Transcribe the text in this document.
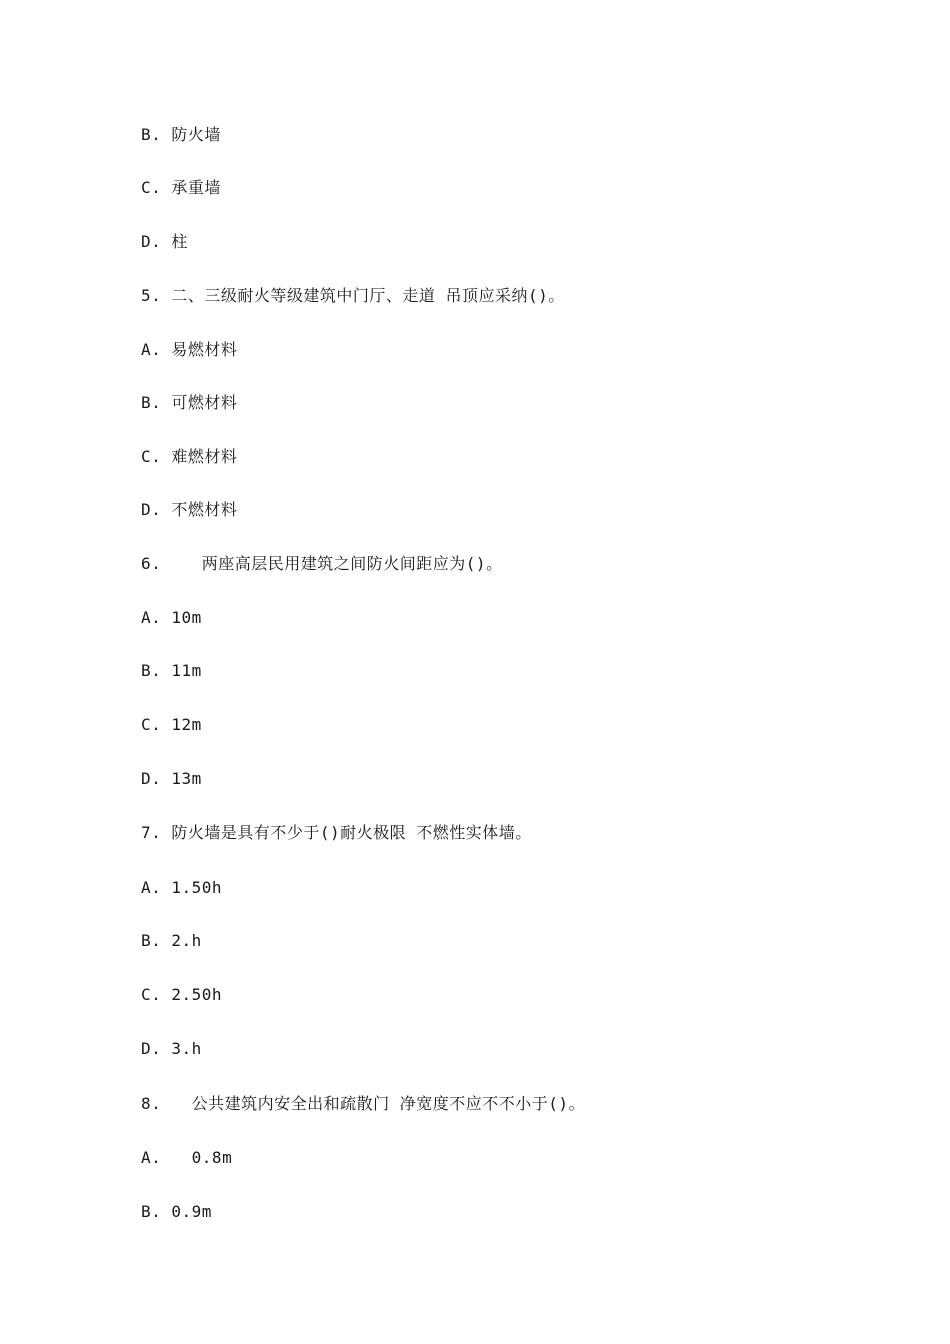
B. 防火墙
C. 承重墙
D. 柱
5. 二、三级耐火等级建筑中门厅、走道 吊顶应采纳()。
A. 易燃材料
B. 可燃材料
C. 难燃材料
D. 不燃材料
6.    两座高层民用建筑之间防火间距应为()。
A. 10m
B. 11m
C. 12m
D. 13m
7. 防火墙是具有不少于()耐火极限 不燃性实体墙。
A. 1.50h
B. 2.h
C. 2.50h
D. 3.h
8.   公共建筑内安全出和疏散门 净宽度不应不不小于()。
A.   0.8m
B. 0.9m
